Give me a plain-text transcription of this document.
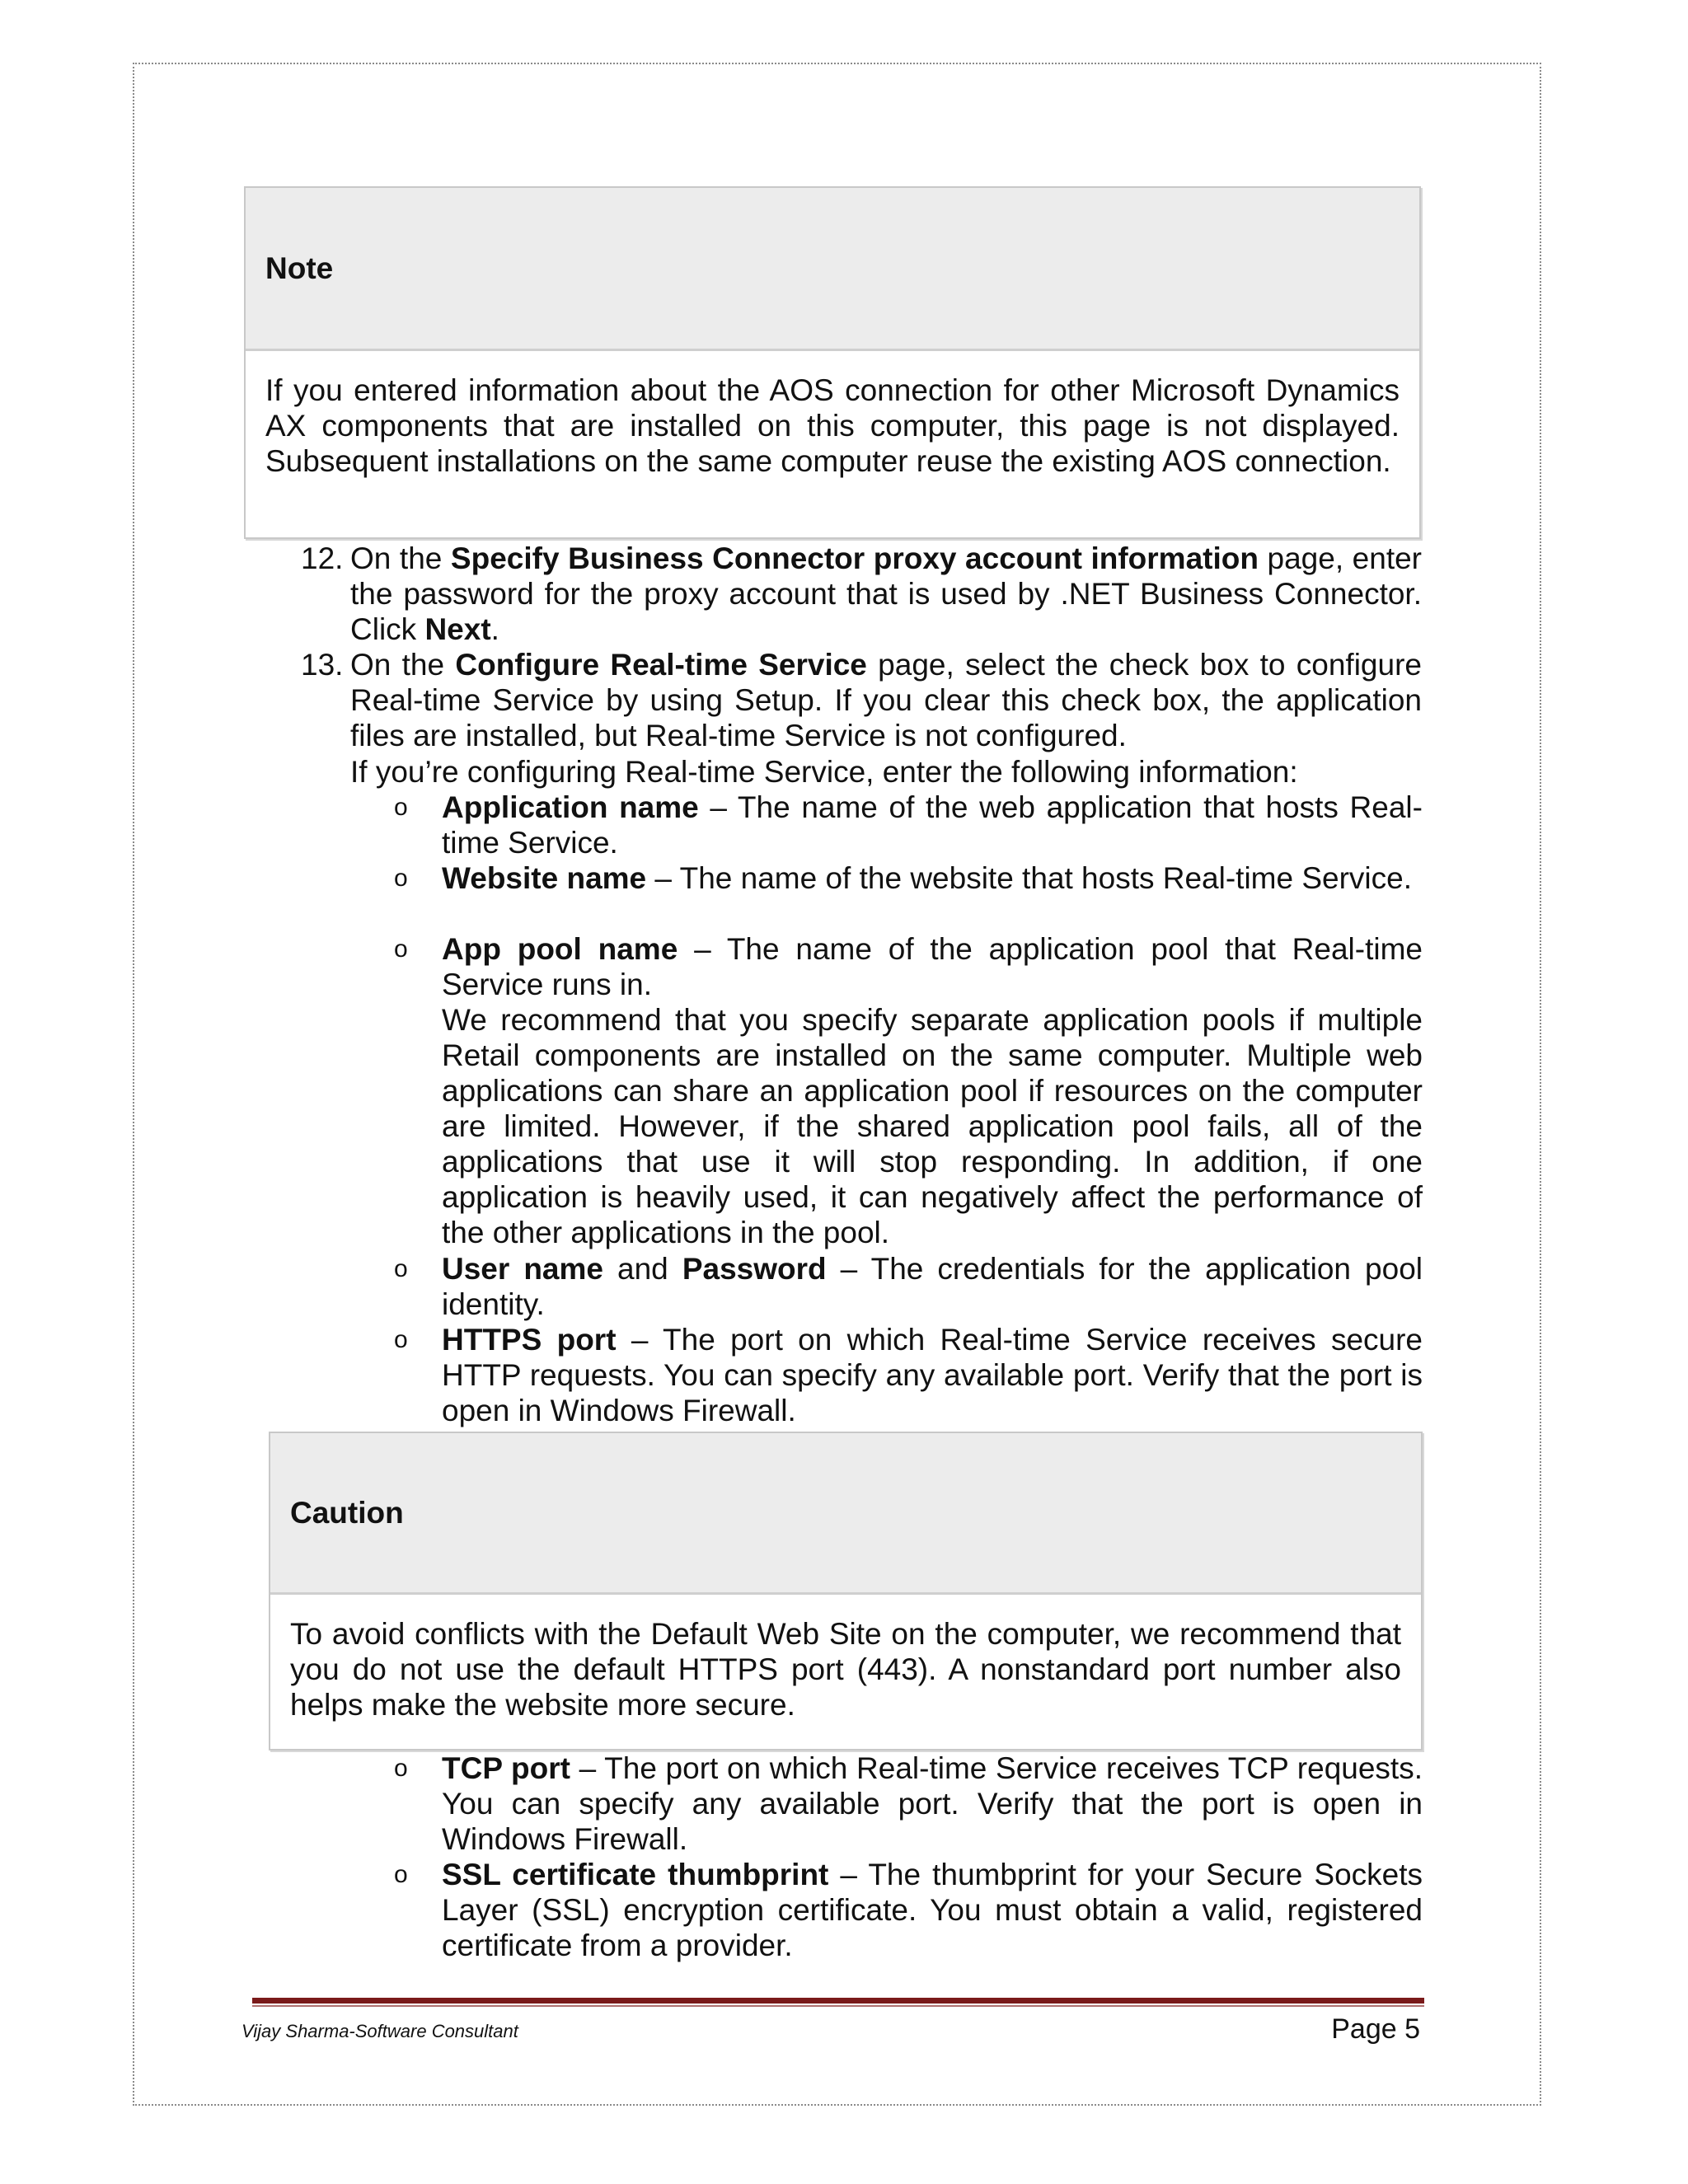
Note
If you entered information about the AOS connection for other Microsoft Dynamics AX components that are installed on this computer, this page is not displayed. Subsequent installations on the same computer reuse the existing AOS connection.
12. On the Specify Business Connector proxy account information page, enter the password for the proxy account that is used by .NET Business Connector. Click Next.
13. On the Configure Real-time Service page, select the check box to configure Real-time Service by using Setup. If you clear this check box, the application files are installed, but Real-time Service is not configured.
If you’re configuring Real-time Service, enter the following information:
o Application name – The name of the web application that hosts Real-time Service.
o Website name – The name of the website that hosts Real-time Service.
o App pool name – The name of the application pool that Real-time Service runs in.
We recommend that you specify separate application pools if multiple Retail components are installed on the same computer. Multiple web applications can share an application pool if resources on the computer are limited. However, if the shared application pool fails, all of the applications that use it will stop responding. In addition, if one application is heavily used, it can negatively affect the performance of the other applications in the pool.
o User name and Password – The credentials for the application pool identity.
o HTTPS port – The port on which Real-time Service receives secure HTTP requests. You can specify any available port. Verify that the port is open in Windows Firewall.
o TCP port – The port on which Real-time Service receives TCP requests. You can specify any available port. Verify that the port is open in Windows Firewall.
o SSL certificate thumbprint – The thumbprint for your Secure Sockets Layer (SSL) encryption certificate. You must obtain a valid, registered certificate from a provider.
Caution
To avoid conflicts with the Default Web Site on the computer, we recommend that you do not use the default HTTPS port (443). A nonstandard port number also helps make the website more secure.
Vijay Sharma-Software Consultant	Page 5
